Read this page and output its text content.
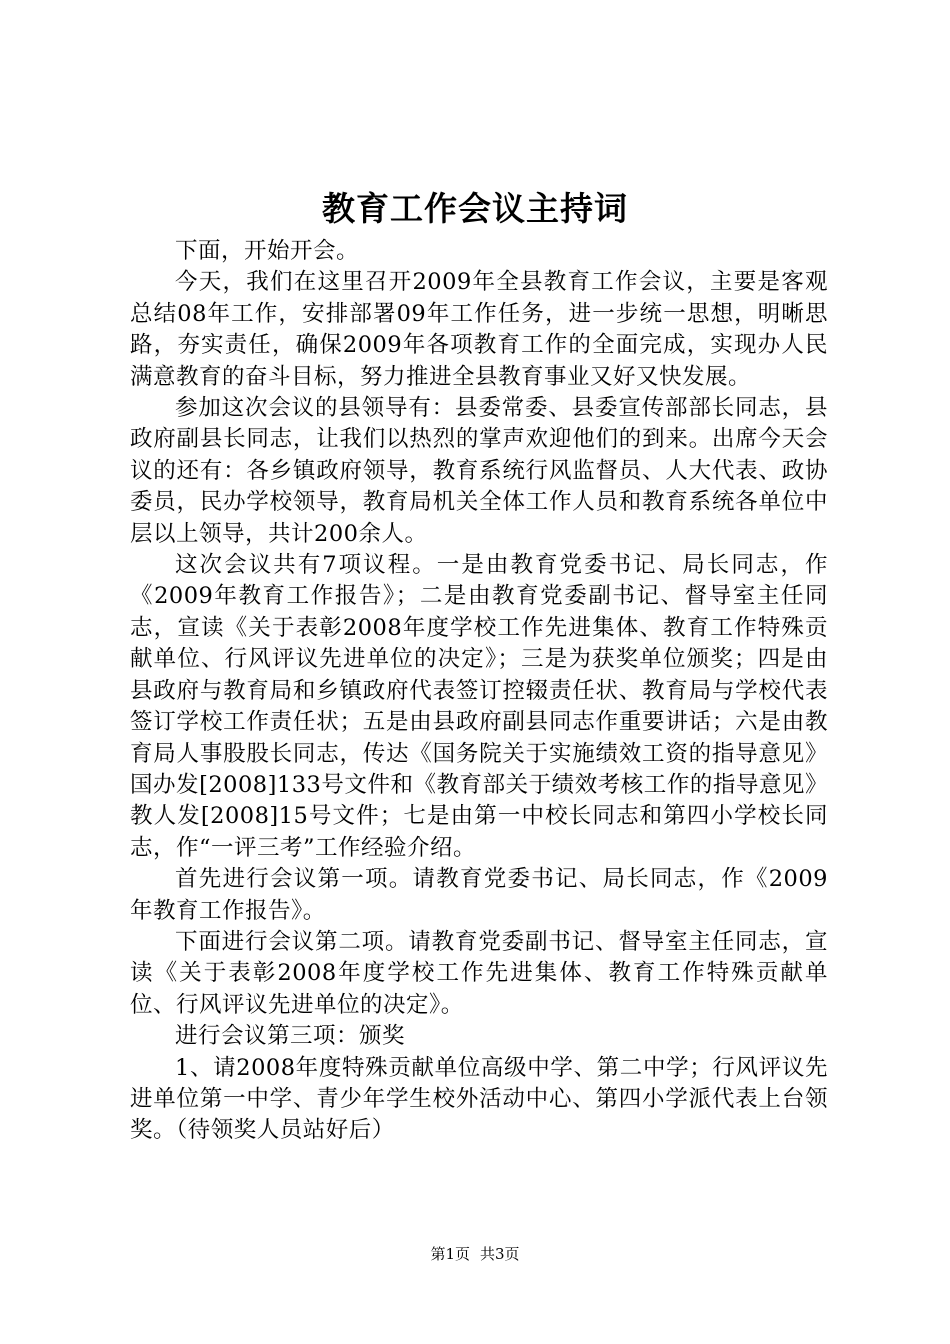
教育工作会议主持词

下面，开始开会。

今天，我们在这里召开2009年全县教育工作会议，主要是客观总结08年工作，安排部署09年工作任务，进一步统一思想，明晰思路，夯实责任，确保2009年各项教育工作的全面完成，实现办人民满意教育的奋斗目标，努力推进全县教育事业又好又快发展。

参加这次会议的县领导有：县委常委、县委宣传部部长同志，县政府副县长同志，让我们以热烈的掌声欢迎他们的到来。出席今天会议的还有：各乡镇政府领导，教育系统行风监督员、人大代表、政协委员，民办学校领导，教育局机关全体工作人员和教育系统各单位中层以上领导，共计200余人。

这次会议共有7项议程。一是由教育党委书记、局长同志，作《2009年教育工作报告》；二是由教育党委副书记、督导室主任同志，宣读《关于表彰2008年度学校工作先进集体、教育工作特殊贡献单位、行风评议先进单位的决定》；三是为获奖单位颁奖；四是由县政府与教育局和乡镇政府代表签订控辍责任状、教育局与学校代表签订学校工作责任状；五是由县政府副县同志作重要讲话；六是由教育局人事股股长同志，传达《国务院关于实施绩效工资的指导意见》国办发[2008]133号文件和《教育部关于绩效考核工作的指导意见》教人发[2008]15号文件；七是由第一中校长同志和第四小学校长同志，作“一评三考”工作经验介绍。

首先进行会议第一项。请教育党委书记、局长同志，作《2009年教育工作报告》。

下面进行会议第二项。请教育党委副书记、督导室主任同志，宣读《关于表彰2008年度学校工作先进集体、教育工作特殊贡献单位、行风评议先进单位的决定》。

进行会议第三项：颁奖

1、请2008年度特殊贡献单位高级中学、第二中学；行风评议先进单位第一中学、青少年学生校外活动中心、第四小学派代表上台领奖。（待领奖人员站好后）

第1页 共3页
